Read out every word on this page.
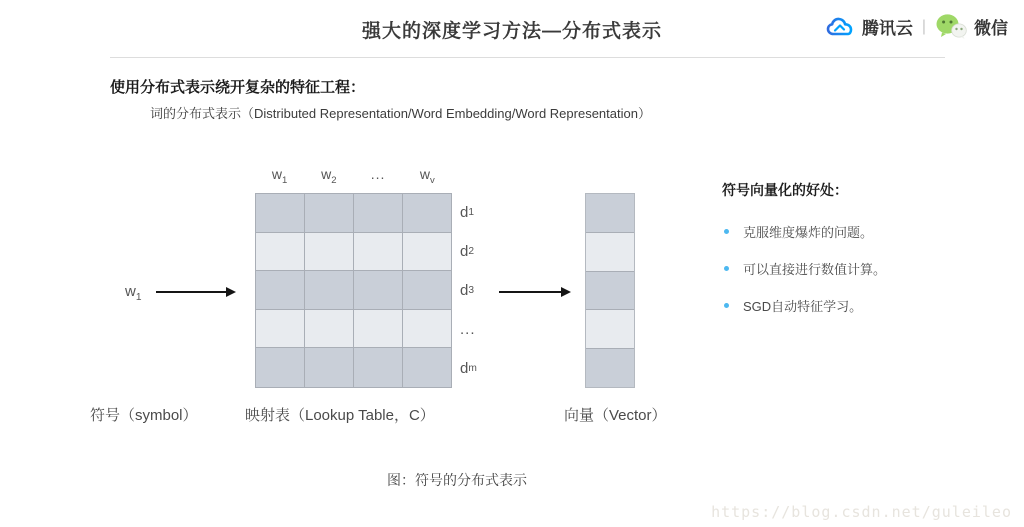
强大的深度学习方法—分布式表示	腾讯云 |	微信
使用分布式表示绕开复杂的特征工程：
词的分布式表示（Distributed Representation/Word Embedding/Word Representation）
$w_1$	$w_2$	...	$w_v$
d 1
d 2
d 3
...
d m
$w_1$
符号（symbol）	映射表（Lookup Table，C）	向量（Vector）
符号向量化的好处：
克服维度爆炸的问题。
可以直接进行数值计算。
SGD自动特征学习。
图：符号的分布式表示
https://blog.csdn.net/guleileo
